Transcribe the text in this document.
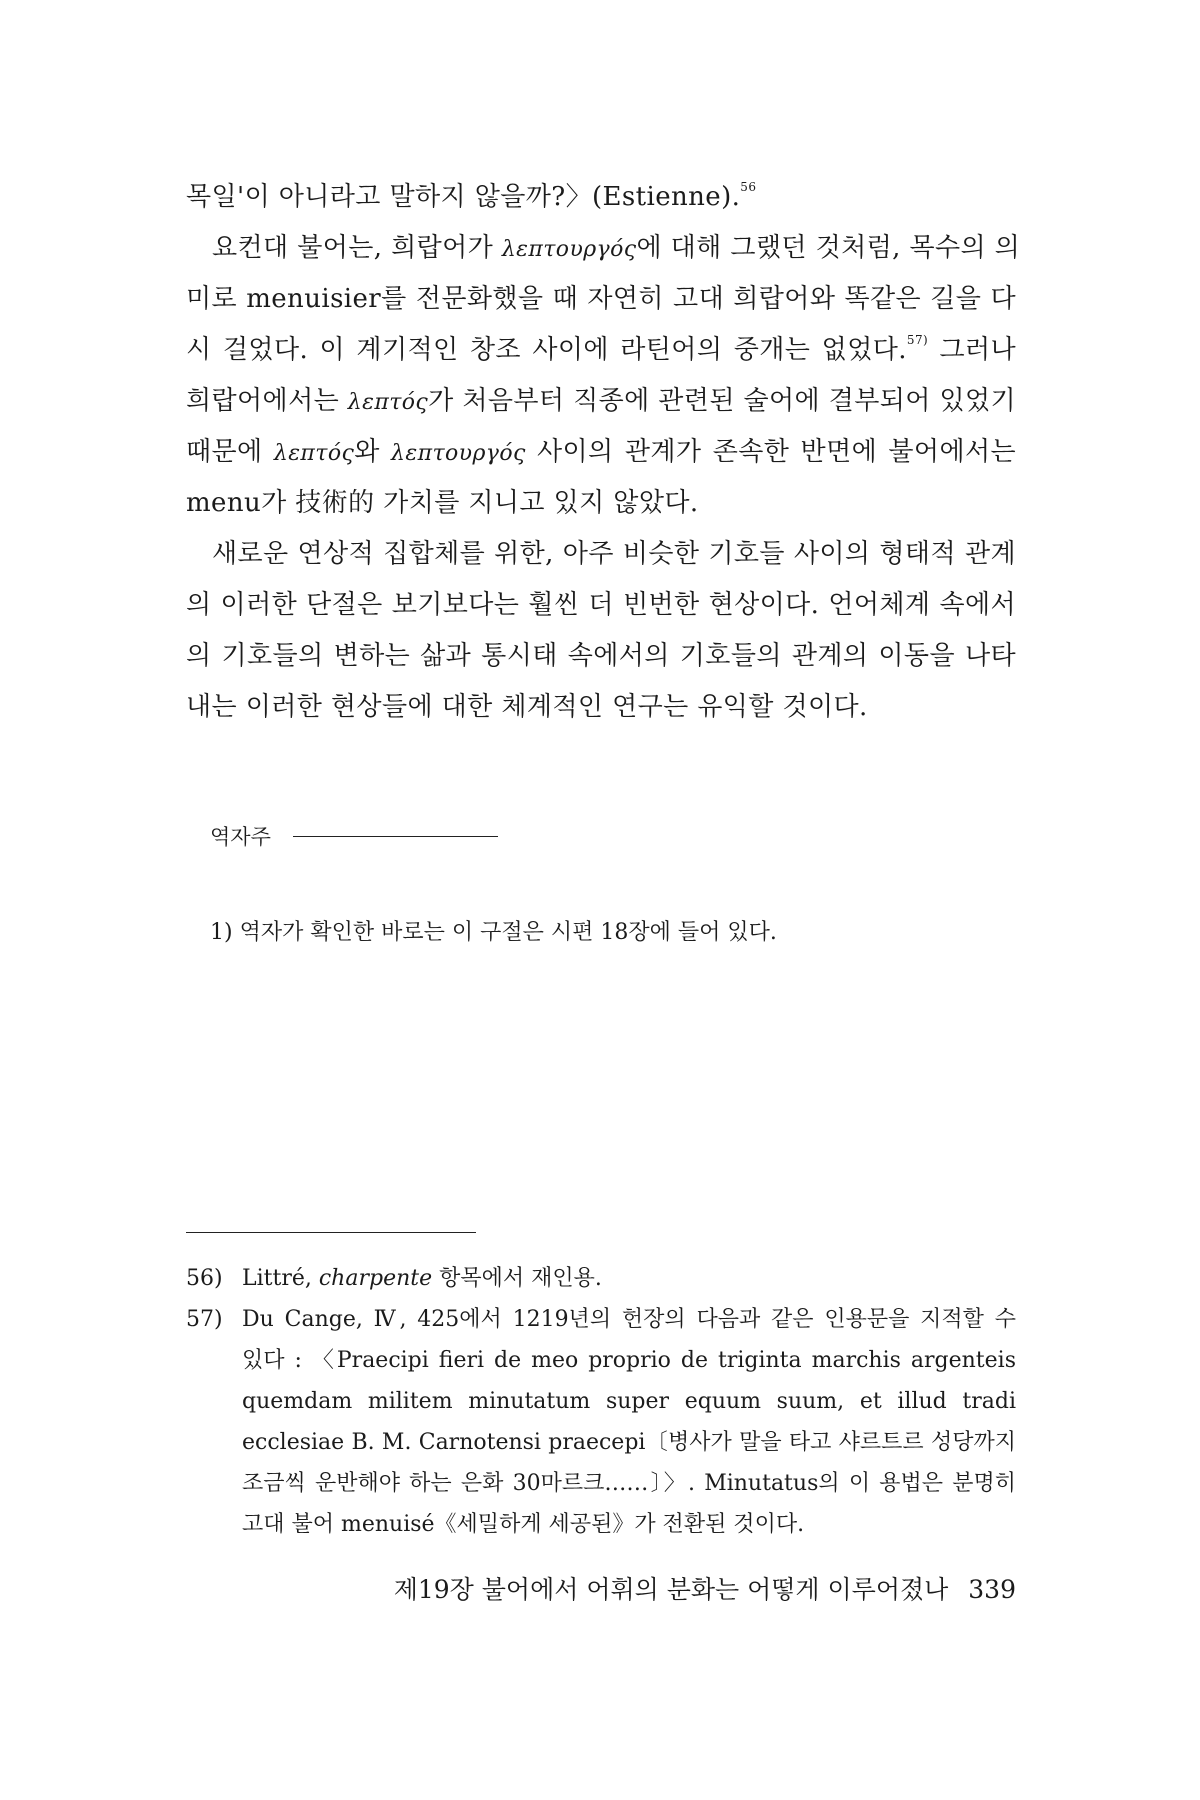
목일'이 아니라고 말하지 않을까?〉(Estienne).$^{56}$
요컨대 불어는, 희랍어가 λεπτουργός에 대해 그랬던 것처럼, 목수의 의
미로 menuisier를 전문화했을 때 자연히 고대 희랍어와 똑같은 길을 다
시 걸었다. 이 계기적인 창조 사이에 라틴어의 중개는 없었다.$^{57)}$ 그러나
희랍어에서는 λεπτός가 처음부터 직종에 관련된 술어에 결부되어 있었기
때문에 λεπτός와 λεπτουργός 사이의 관계가 존속한 반면에 불어에서는
menu가 技術的 가치를 지니고 있지 않았다.
새로운 연상적 집합체를 위한, 아주 비슷한 기호들 사이의 형태적 관계
의 이러한 단절은 보기보다는 훨씬 더 빈번한 현상이다. 언어체계 속에서
의 기호들의 변하는 삶과 통시태 속에서의 기호들의 관계의 이동을 나타
내는 이러한 현상들에 대한 체계적인 연구는 유익할 것이다.
역자주
1) 역자가 확인한 바로는 이 구절은 시편 18장에 들어 있다.
56) Littré, charpente 항목에서 재인용.
57) Du Cange, Ⅳ, 425에서 1219년의 헌장의 다음과 같은 인용문을 지적할 수
있다 : 〈Praecipi fieri de meo proprio de triginta marchis argenteis
quemdam militem minutatum super equum suum, et illud tradi
ecclesiae B. M. Carnotensi praecepi〔병사가 말을 타고 샤르트르 성당까지
조금씩 운반해야 하는 은화 30마르크……〕〉. Minutatus의 이 용법은 분명히
고대 불어 menuisé《세밀하게 세공된》가 전환된 것이다.
제19장 불어에서 어휘의 분화는 어떻게 이루어졌나 339
